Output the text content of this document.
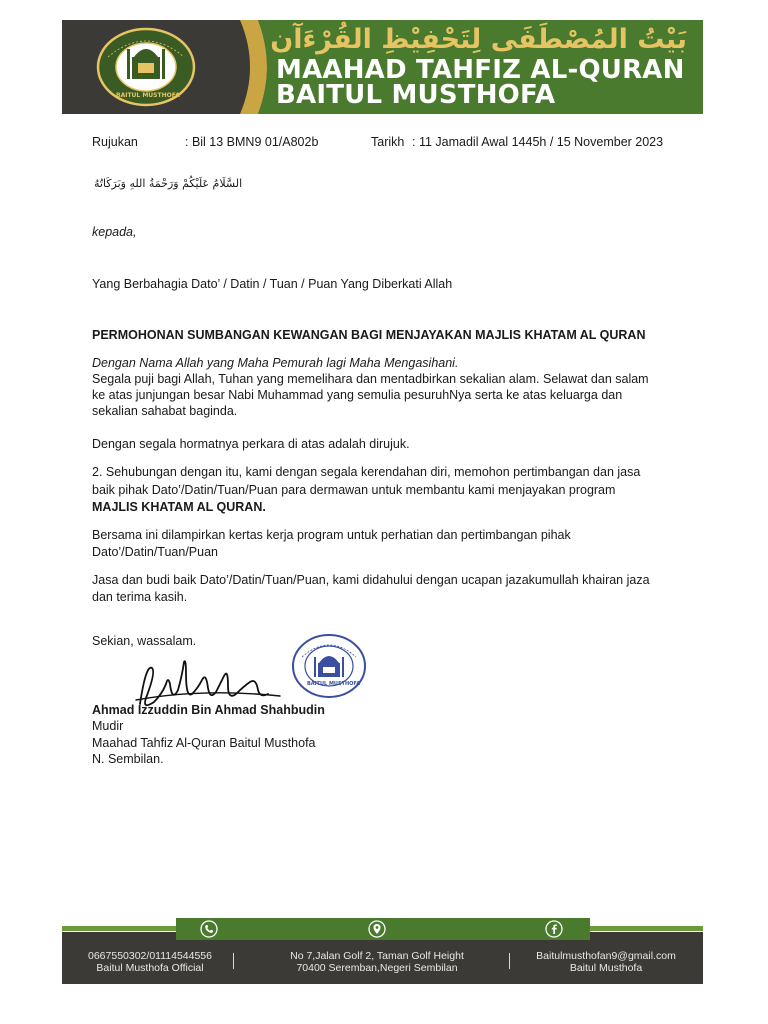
BAITUL MUSTHOFA
بَيْتُ المُصْطَفَى لِتَحْفِيْظِ القُرْءَآن
MAAHAD TAHFIZ AL-QURAN
BAITUL MUSTHOFA
Rujukan	: Bil 13 BMN9 01/A802b	Tarikh : 11 Jamadil Awal 1445h / 15 November 2023
السَّلَامُ عَلَيْكُمْ وَرَحْمَةُ اللهِ وَبَرَكَاتُهُ
kepada,
Yang Berbahagia Dato’ / Datin / Tuan / Puan Yang Diberkati Allah
PERMOHONAN SUMBANGAN KEWANGAN BAGI MENJAYAKAN MAJLIS KHATAM AL QURAN
Dengan Nama Allah yang Maha Pemurah lagi Maha Mengasihani.
Segala puji bagi Allah, Tuhan yang memelihara dan mentadbirkan sekalian alam. Selawat dan salam
ke atas junjungan besar Nabi Muhammad yang semulia pesuruhNya serta ke atas keluarga dan
sekalian sahabat baginda.
Dengan segala hormatnya perkara di atas adalah dirujuk.
2. Sehubungan dengan itu, kami dengan segala kerendahan diri, memohon pertimbangan dan jasa
baik pihak Dato’/Datin/Tuan/Puan para dermawan untuk membantu kami menjayakan program
MAJLIS KHATAM AL QURAN.
Bersama ini dilampirkan kertas kerja program untuk perhatian dan pertimbangan pihak
Dato’/Datin/Tuan/Puan
Jasa dan budi baik Dato’/Datin/Tuan/Puan, kami didahului dengan ucapan jazakumullah khairan jaza
dan terima kasih.
Sekian, wassalam.
BAITUL MUSTHOFA
Ahmad Izzuddin Bin Ahmad Shahbudin
Mudir
Maahad Tahfiz Al-Quran Baitul Musthofa
N. Sembilan.
0667550302/01114544556
Baitul Musthofa Official
No 7,Jalan Golf 2, Taman Golf Height
70400 Seremban,Negeri Sembilan
Baitulmusthofan9@gmail.com
Baitul Musthofa
